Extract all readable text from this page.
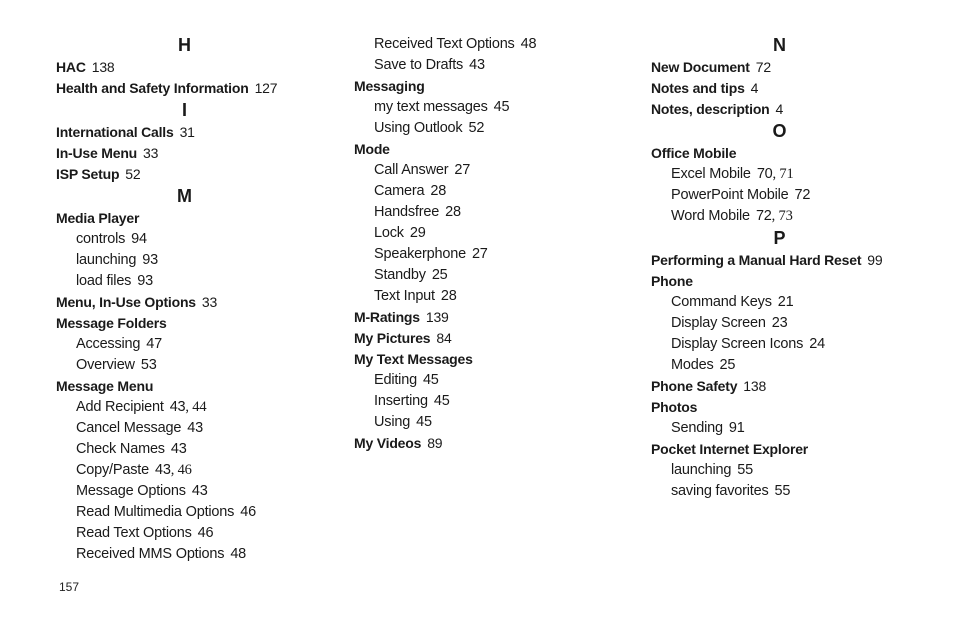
H
HAC 138
Health and Safety Information 127
I
International Calls 31
In-Use Menu 33
ISP Setup 52
M
Media Player
controls 94
launching 93
load files 93
Menu, In-Use Options 33
Message Folders
Accessing 47
Overview 53
Message Menu
Add Recipient 43, 44
Cancel Message 43
Check Names 43
Copy/Paste 43, 46
Message Options 43
Read Multimedia Options 46
Read Text Options 46
Received MMS Options 48
Received Text Options 48
Save to Drafts 43
Messaging
my text messages 45
Using Outlook 52
Mode
Call Answer 27
Camera 28
Handsfree 28
Lock 29
Speakerphone 27
Standby 25
Text Input 28
M-Ratings 139
My Pictures 84
My Text Messages
Editing 45
Inserting 45
Using 45
My Videos 89
N
New Document 72
Notes and tips 4
Notes, description 4
O
Office Mobile
Excel Mobile 70, 71
PowerPoint Mobile 72
Word Mobile 72, 73
P
Performing a Manual Hard Reset 99
Phone
Command Keys 21
Display Screen 23
Display Screen Icons 24
Modes 25
Phone Safety 138
Photos
Sending 91
Pocket Internet Explorer
launching 55
saving favorites 55
157
